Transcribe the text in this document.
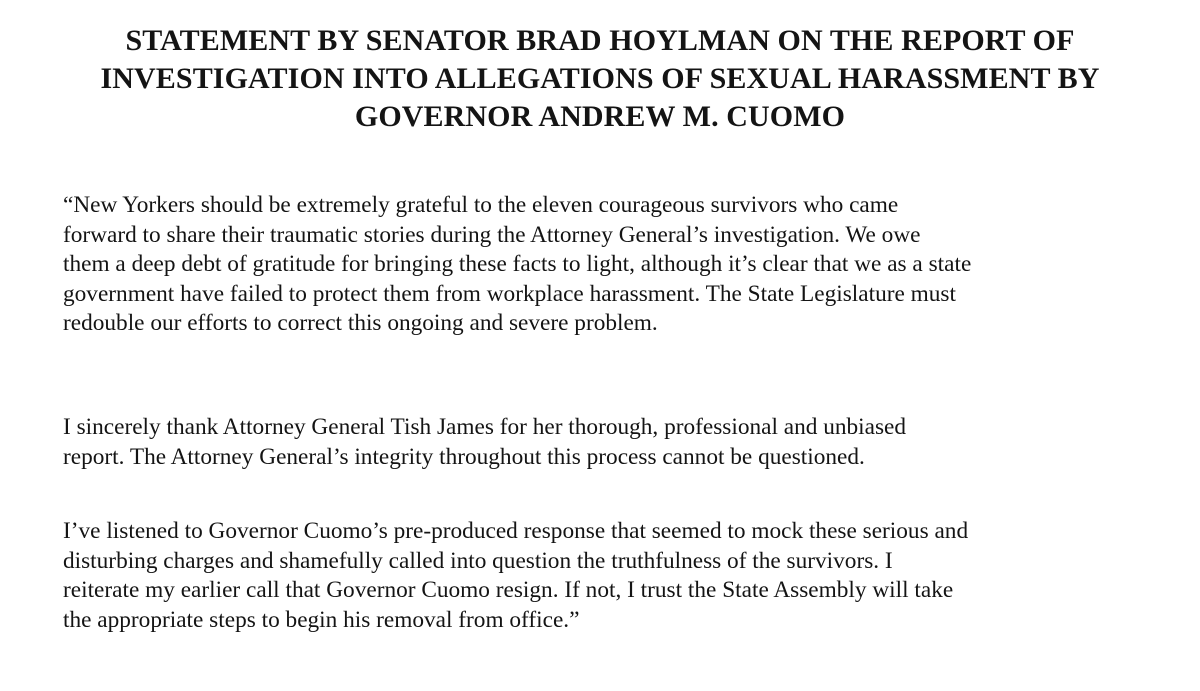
STATEMENT BY SENATOR BRAD HOYLMAN ON THE REPORT OF
INVESTIGATION INTO ALLEGATIONS OF SEXUAL HARASSMENT BY
GOVERNOR ANDREW M. CUOMO

“New Yorkers should be extremely grateful to the eleven courageous survivors who came
forward to share their traumatic stories during the Attorney General’s investigation. We owe
them a deep debt of gratitude for bringing these facts to light, although it’s clear that we as a state
government have failed to protect them from workplace harassment. The State Legislature must
redouble our efforts to correct this ongoing and severe problem.

I sincerely thank Attorney General Tish James for her thorough, professional and unbiased
report. The Attorney General’s integrity throughout this process cannot be questioned.

I’ve listened to Governor Cuomo’s pre-produced response that seemed to mock these serious and
disturbing charges and shamefully called into question the truthfulness of the survivors. I
reiterate my earlier call that Governor Cuomo resign. If not, I trust the State Assembly will take
the appropriate steps to begin his removal from office.”
